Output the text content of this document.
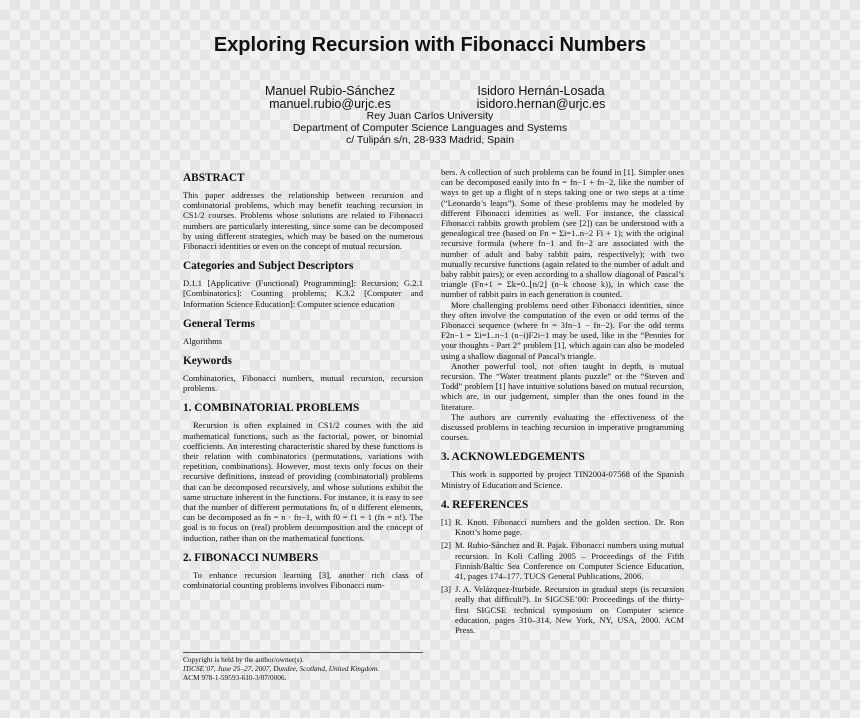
Exploring Recursion with Fibonacci Numbers
Manuel Rubio-Sánchez
manuel.rubio@urjc.es
Isidoro Hernán-Losada
isidoro.hernan@urjc.es
Rey Juan Carlos University
Department of Computer Science Languages and Systems
c/ Tulipán s/n, 28-933 Madrid, Spain
ABSTRACT

This paper addresses the relationship between recursion and combinatorial problems, which may benefit teaching recursion in CS1/2 courses. Problems whose solutions are related to Fibonacci numbers are particularly interesting, since some can be decomposed by using different strategies, which may be based on the numerous Fibonacci identities or even on the concept of mutual recursion.

Categories and Subject Descriptors

D.1.1 [Applicative (Functional) Programming]: Recursion; G.2.1 [Combinatorics]: Counting problems; K.3.2 [Computer and Information Science Education]: Computer science education

General Terms

Algorithms

Keywords

Combinatorics, Fibonacci numbers, mutual recursion, recursion problems.

1. COMBINATORIAL PROBLEMS

Recursion is often explained in CS1/2 courses with the aid mathematical functions, such as the factorial, power, or binomial coefficients. An interesting characteristic shared by these functions is their relation with combinatorics (permutations, variations with repetition, combinations). However, most texts only focus on their recursive definitions, instead of providing (combinatorial) problems that can be decomposed recursively, and whose solutions exhibit the same structure inherent in the functions. For instance, it is easy to see that the number of different permutations fn, of n different elements, can be decomposed as fn = n · fn−1, with f0 = f1 = 1 (fn = n!). The goal is to focus on (real) problem decomposition and the concept of induction, rather than on the mathematical functions.

2. FIBONACCI NUMBERS

To enhance recursion learning [3], another rich class of combinatorial counting problems involves Fibonacci num-

bers. A collection of such problems can be found in [1]. Simpler ones can be decomposed easily into fn = fn−1 + fn−2, like the number of ways to get up a flight of n steps taking one or two steps at a time (“Leonardo’s leaps”). Some of these problems may be modeled by different Fibonacci identities as well. For instance, the classical Fibonacci rabbits growth problem (see [2]) can be understood with a genealogical tree (based on Fn = Σi=1..n−2 Fi + 1); with the original recursive formula (where fn−1 and fn−2 are associated with the number of adult and baby rabbit pairs, respectively); with two mutually recursive functions (again related to the number of adult and baby rabbit pairs); or even according to a shallow diagonal of Pascal’s triangle (Fn+1 = Σk=0..⌊n/2⌋ (n−k choose k)), in which case the number of rabbit pairs in each generation is counted.

More challenging problems need other Fibonacci identities, since they often involve the computation of the even or odd terms of the Fibonacci sequence (where fn = 3fn−1 − fn−2). For the odd terms F2n−1 = Σi=1..n−1 (n−i)F2i−1 may be used, like in the “Pennies for your thoughts - Part 2” problem [1], which again can also be modeled using a shallow diagonal of Pascal’s triangle.

Another powerful tool, not often taught in depth, is mutual recursion. The “Water treatment plants puzzle” or the “Steven and Todd” problem [1] have intuitive solutions based on mutual recursion, which are, in our judgement, simpler than the ones found in the literature.

The authors are currently evaluating the effectiveness of the discussed problems in teaching recursion in imperative programming courses.

3. ACKNOWLEDGEMENTS

This work is supported by project TIN2004-07568 of the Spanish Ministry of Education and Science.

4. REFERENCES
[1] R. Knott. Fibonacci numbers and the golden section. Dr. Ron Knott’s home page.
[2] M. Rubio-Sánchez and B. Pajak. Fibonacci numbers using mutual recursion. In Koli Calling 2005 – Proceedings of the Fifth Finnish/Baltic Sea Conference on Computer Science Education, 41, pages 174–177. TUCS General Publications, 2006.
[3] J. A. Velázquez-Iturbide. Recursion in gradual steps (is recursion really that difficult?). In SIGCSE’00: Proceedings of the thirty-first SIGCSE technical symposium on Computer science education, pages 310–314, New York, NY, USA, 2000. ACM Press.
Copyright is held by the author/owner(s).
ITiCSE’07, June 25–27, 2007, Dundee, Scotland, United Kingdom.
ACM 978-1-59593-610-3/07/0006.
